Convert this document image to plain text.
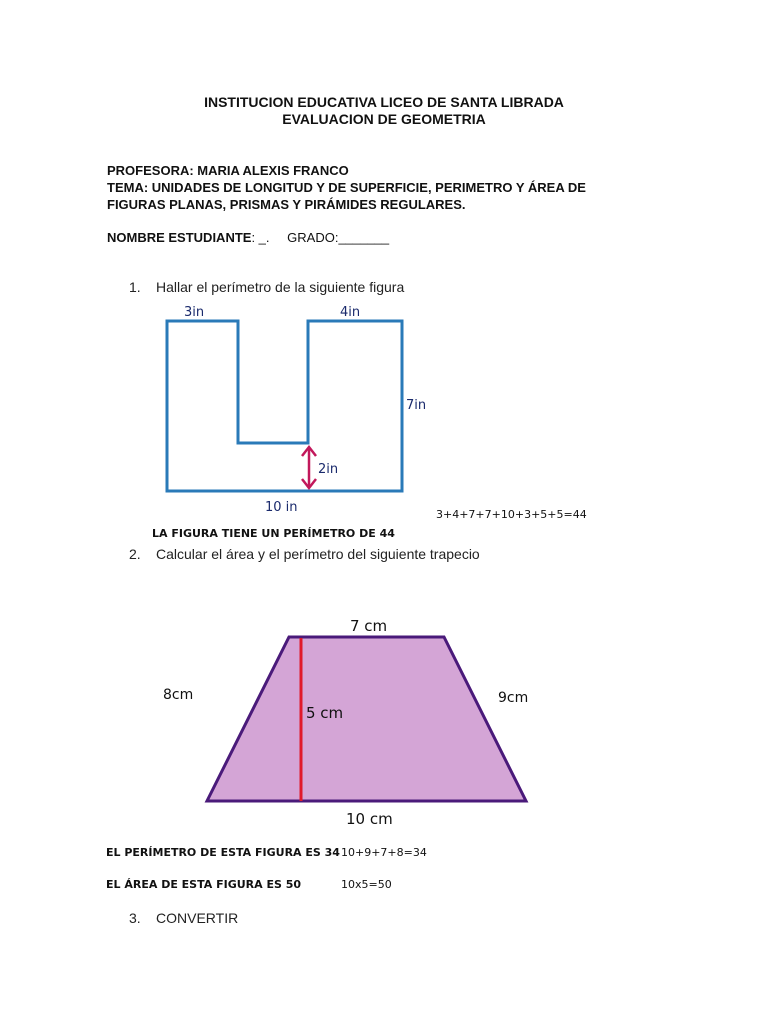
INSTITUCION EDUCATIVA LICEO DE SANTA LIBRADA
EVALUACION DE GEOMETRIA
PROFESORA: MARIA ALEXIS FRANCO
TEMA: UNIDADES DE LONGITUD Y DE SUPERFICIE, PERIMETRO Y ÁREA DE
FIGURAS PLANAS, PRISMAS Y PIRÁMIDES REGULARES.
NOMBRE ESTUDIANTE: _. GRADO:_______
1. Hallar el perímetro de la siguiente figura
3in	4in
7in
2in
10 in	3+4+7+7+10+3+5+5=44
LA FIGURA TIENE UN PERÍMETRO DE 44
2. Calcular el área y el perímetro del siguiente trapecio
7 cm
8cm	9cm
5 cm
10 cm
EL PERÍMETRO DE ESTA FIGURA ES 34 10+9+7+8=34
EL ÁREA DE ESTA FIGURA ES 50	10x5=50
3. CONVERTIR
